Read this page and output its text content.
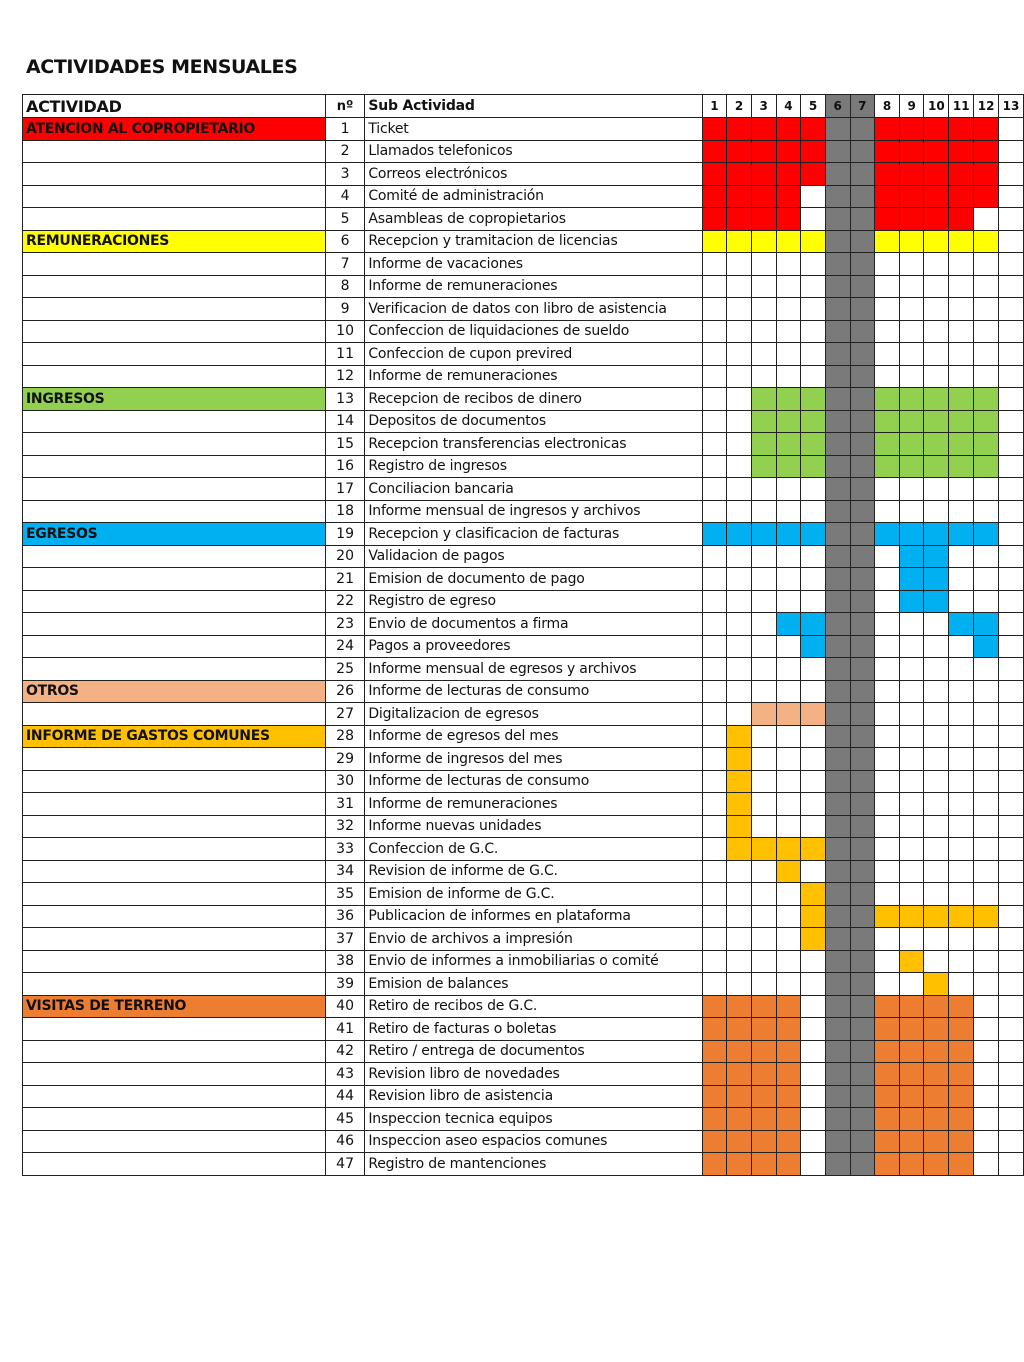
ACTIVIDADES MENSUALES
ACTIVIDAD	nº	Sub Actividad	1	2	3	4	5	6	7	8	9	10	11	12	13
ATENCION AL COPROPIETARIO	1	Ticket													
	2	Llamados telefonicos													
	3	Correos electrónicos													
	4	Comité de administración													
	5	Asambleas de copropietarios													
REMUNERACIONES	6	Recepcion y tramitacion de licencias													
	7	Informe de vacaciones													
	8	Informe de remuneraciones													
	9	Verificacion de datos con libro de asistencia													
	10	Confeccion de liquidaciones de sueldo													
	11	Confeccion de cupon previred													
	12	Informe de remuneraciones													
INGRESOS	13	Recepcion de recibos de dinero													
	14	Depositos de documentos													
	15	Recepcion transferencias electronicas													
	16	Registro de ingresos													
	17	Conciliacion bancaria													
	18	Informe mensual de ingresos y archivos													
EGRESOS	19	Recepcion y clasificacion de facturas													
	20	Validacion de pagos													
	21	Emision de documento de pago													
	22	Registro de egreso													
	23	Envio de documentos a firma													
	24	Pagos a proveedores													
	25	Informe mensual de egresos y archivos													
OTROS	26	Informe de lecturas de consumo													
	27	Digitalizacion de egresos													
INFORME DE GASTOS COMUNES	28	Informe de egresos del mes													
	29	Informe de ingresos del mes													
	30	Informe de lecturas de consumo													
	31	Informe de remuneraciones													
	32	Informe nuevas unidades													
	33	Confeccion de G.C.													
	34	Revision de informe de G.C.													
	35	Emision de informe de G.C.													
	36	Publicacion de informes en plataforma													
	37	Envio de archivos a impresión													
	38	Envio de informes a inmobiliarias o comité													
	39	Emision de balances													
VISITAS DE TERRENO	40	Retiro de recibos de G.C.													
	41	Retiro de facturas o boletas													
	42	Retiro / entrega de documentos													
	43	Revision libro de novedades													
	44	Revision libro de asistencia													
	45	Inspeccion tecnica equipos													
	46	Inspeccion aseo espacios comunes													
	47	Registro de mantenciones													
